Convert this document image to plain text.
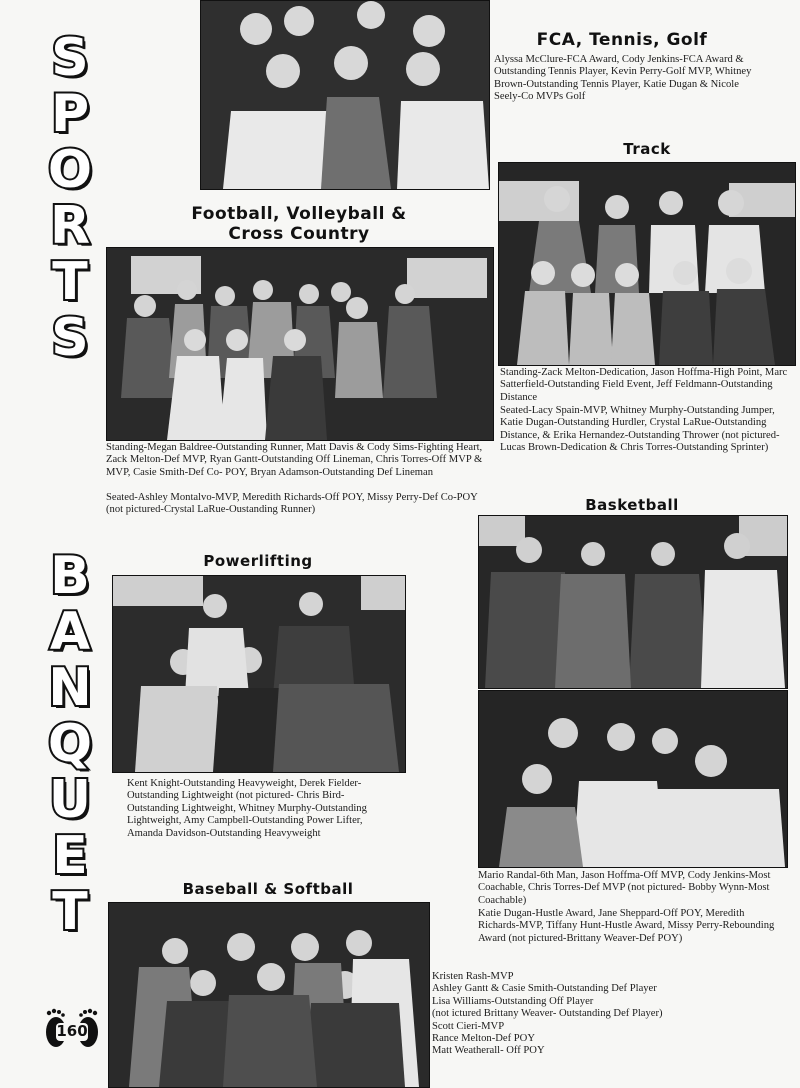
S
P
O
R
T
S
B
A
N
Q
U
E
T
FCA, Tennis, Golf
Alyssa McClure-FCA Award, Cody Jenkins-FCA Award & Outstanding Tennis Player, Kevin Perry-Golf MVP, Whitney Brown-Outstanding Tennis Player, Katie Dugan & Nicole Seely-Co MVPs Golf
Track
Standing-Zack Melton-Dedication, Jason Hoffma-High Point, Marc Satterfield-Outstanding Field Event, Jeff Feldmann-Outstanding Distance
Seated-Lacy Spain-MVP, Whitney Murphy-Outstanding Jumper, Katie Dugan-Outstanding Hurdler, Crystal LaRue-Outstanding Distance, & Erika Hernandez-Outstanding Thrower (not pictured-Lucas Brown-Dedication & Chris Torres-Outstanding Sprinter)
Football, Volleyball &
Cross Country
Standing-Megan Baldree-Outstanding Runner, Matt Davis & Cody Sims-Fighting Heart, Zack Melton-Def MVP, Ryan Gantt-Outstanding Off Lineman, Chris Torres-Off MVP & MVP, Casie Smith-Def Co- POY, Bryan Adamson-Outstanding Def Lineman
Seated-Ashley Montalvo-MVP, Meredith Richards-Off POY, Missy Perry-Def Co-POY (not pictured-Crystal LaRue-Oustanding Runner)	Basketball
Mario Randal-6th Man, Jason Hoffma-Off MVP, Cody Jenkins-Most Coachable, Chris Torres-Def MVP (not pictured- Bobby Wynn-Most Coachable)
Katie Dugan-Hustle Award, Jane Sheppard-Off POY, Meredith Richards-MVP, Tiffany Hunt-Hustle Award, Missy Perry-Rebounding Award (not pictured-Brittany Weaver-Def POY)
Powerlifting
Kent Knight-Outstanding Heavyweight, Derek Fielder-Outstanding Lightweight (not pictured- Chris Bird-Outstanding Lightweight, Whitney Murphy-Outstanding Lightweight, Amy Campbell-Outstanding Power Lifter, Amanda Davidson-Outstanding Heavyweight
Baseball & Softball
Kristen Rash-MVP
Ashley Gantt & Casie Smith-Outstanding Def Player
Lisa Williams-Outstanding Off Player
(not ictured Brittany Weaver- Outstanding Def Player)
Scott Cieri-MVP
Rance Melton-Def POY
Matt Weatherall- Off POY
160
